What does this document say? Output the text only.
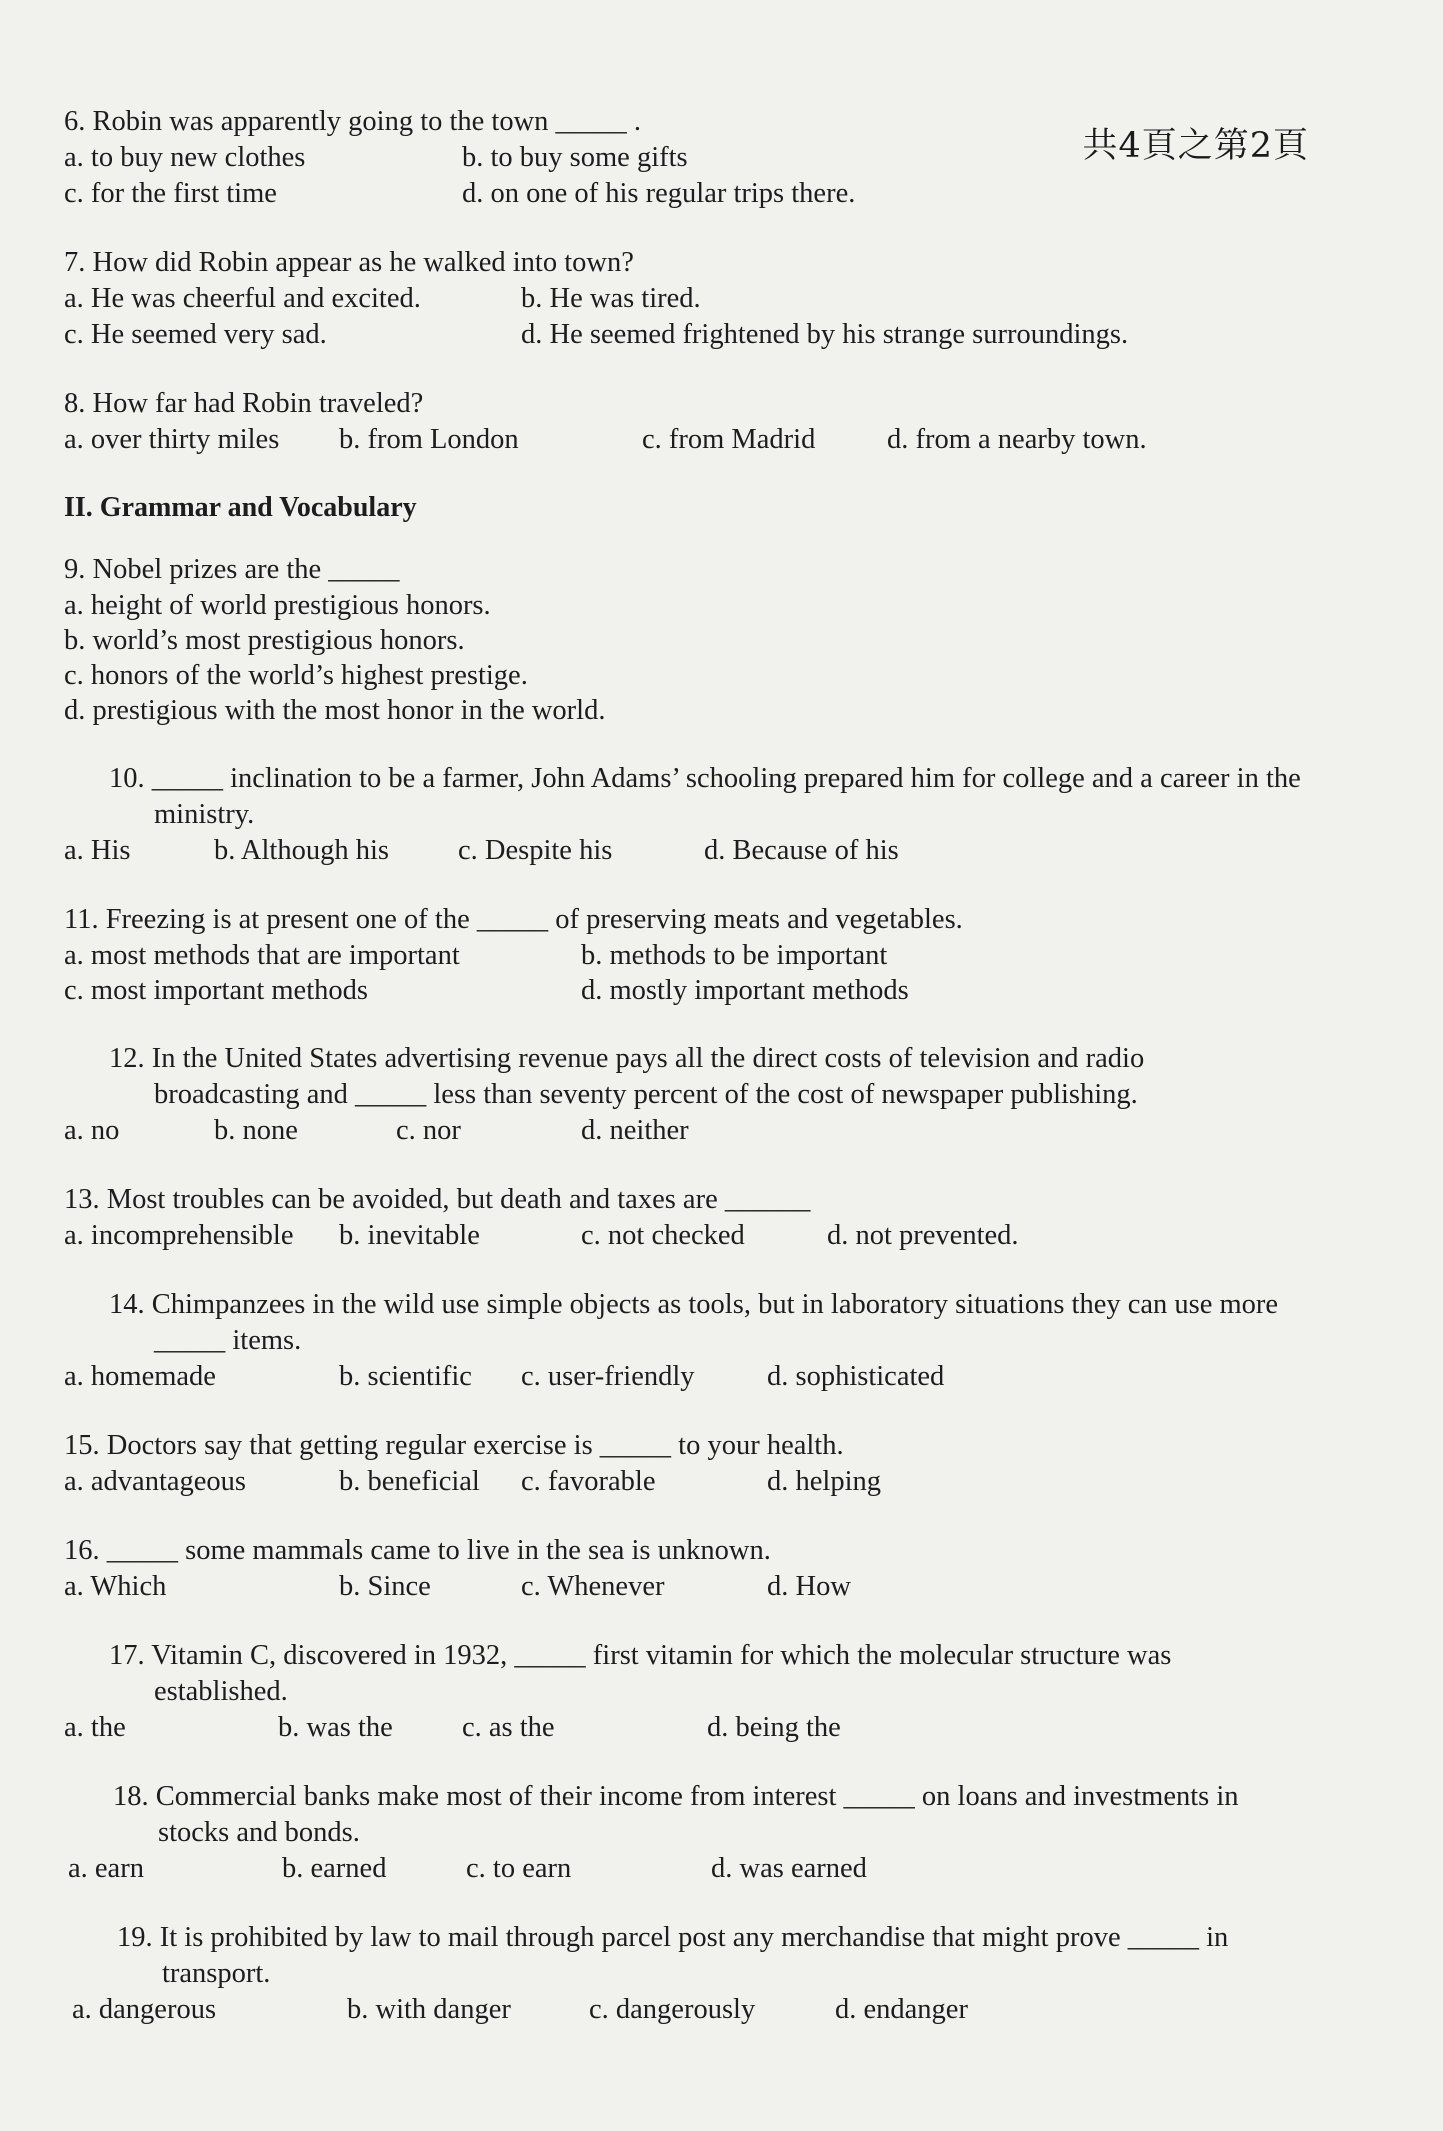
共4頁之第2頁
6. Robin was apparently going to the town _____ .
a. to buy new clothes	b. to buy some gifts
c. for the first time	d. on one of his regular trips there.
7. How did Robin appear as he walked into town?
a. He was cheerful and excited.	b. He was tired.
c. He seemed very sad.	d. He seemed frightened by his strange surroundings.
8. How far had Robin traveled?
a. over thirty miles b. from London	c. from Madrid	d. from a nearby town.
II. Grammar and Vocabulary
9. Nobel prizes are the _____
a. height of world prestigious honors.
b. world’s most prestigious honors.
c. honors of the world’s highest prestige.
d. prestigious with the most honor in the world.
10. _____ inclination to be a farmer, John Adams’ schooling prepared him for college and a career in the ministry.
a. His	b. Although his c. Despite his	d. Because of his
11. Freezing is at present one of the _____ of preserving meats and vegetables.
a. most methods that are important	b. methods to be important
c. most important methods	d. mostly important methods
12. In the United States advertising revenue pays all the direct costs of television and radio broadcasting and _____ less than seventy percent of the cost of newspaper publishing.
a. no	b. none	c. nor	d. neither
13. Most troubles can be avoided, but death and taxes are ______
a. incomprehensible b. inevitable	c. not checked	d. not prevented.
14. Chimpanzees in the wild use simple objects as tools, but in laboratory situations they can use more _____ items.
a. homemade	b. scientific c. user-friendly	d. sophisticated
15. Doctors say that getting regular exercise is _____ to your health.
a. advantageous	b. beneficial c. favorable	d. helping
16. _____ some mammals came to live in the sea is unknown.
a. Which	b. Since	c. Whenever	d. How
17. Vitamin C, discovered in 1932, _____ first vitamin for which the molecular structure was established.
a. the	b. was the c. as the	d. being the
18. Commercial banks make most of their income from interest _____ on loans and investments in stocks and bonds.
a. earn	b. earned	c. to earn	d. was earned
19. It is prohibited by law to mail through parcel post any merchandise that might prove _____ in transport.
a. dangerous	b. with danger	c. dangerously	d. endanger
